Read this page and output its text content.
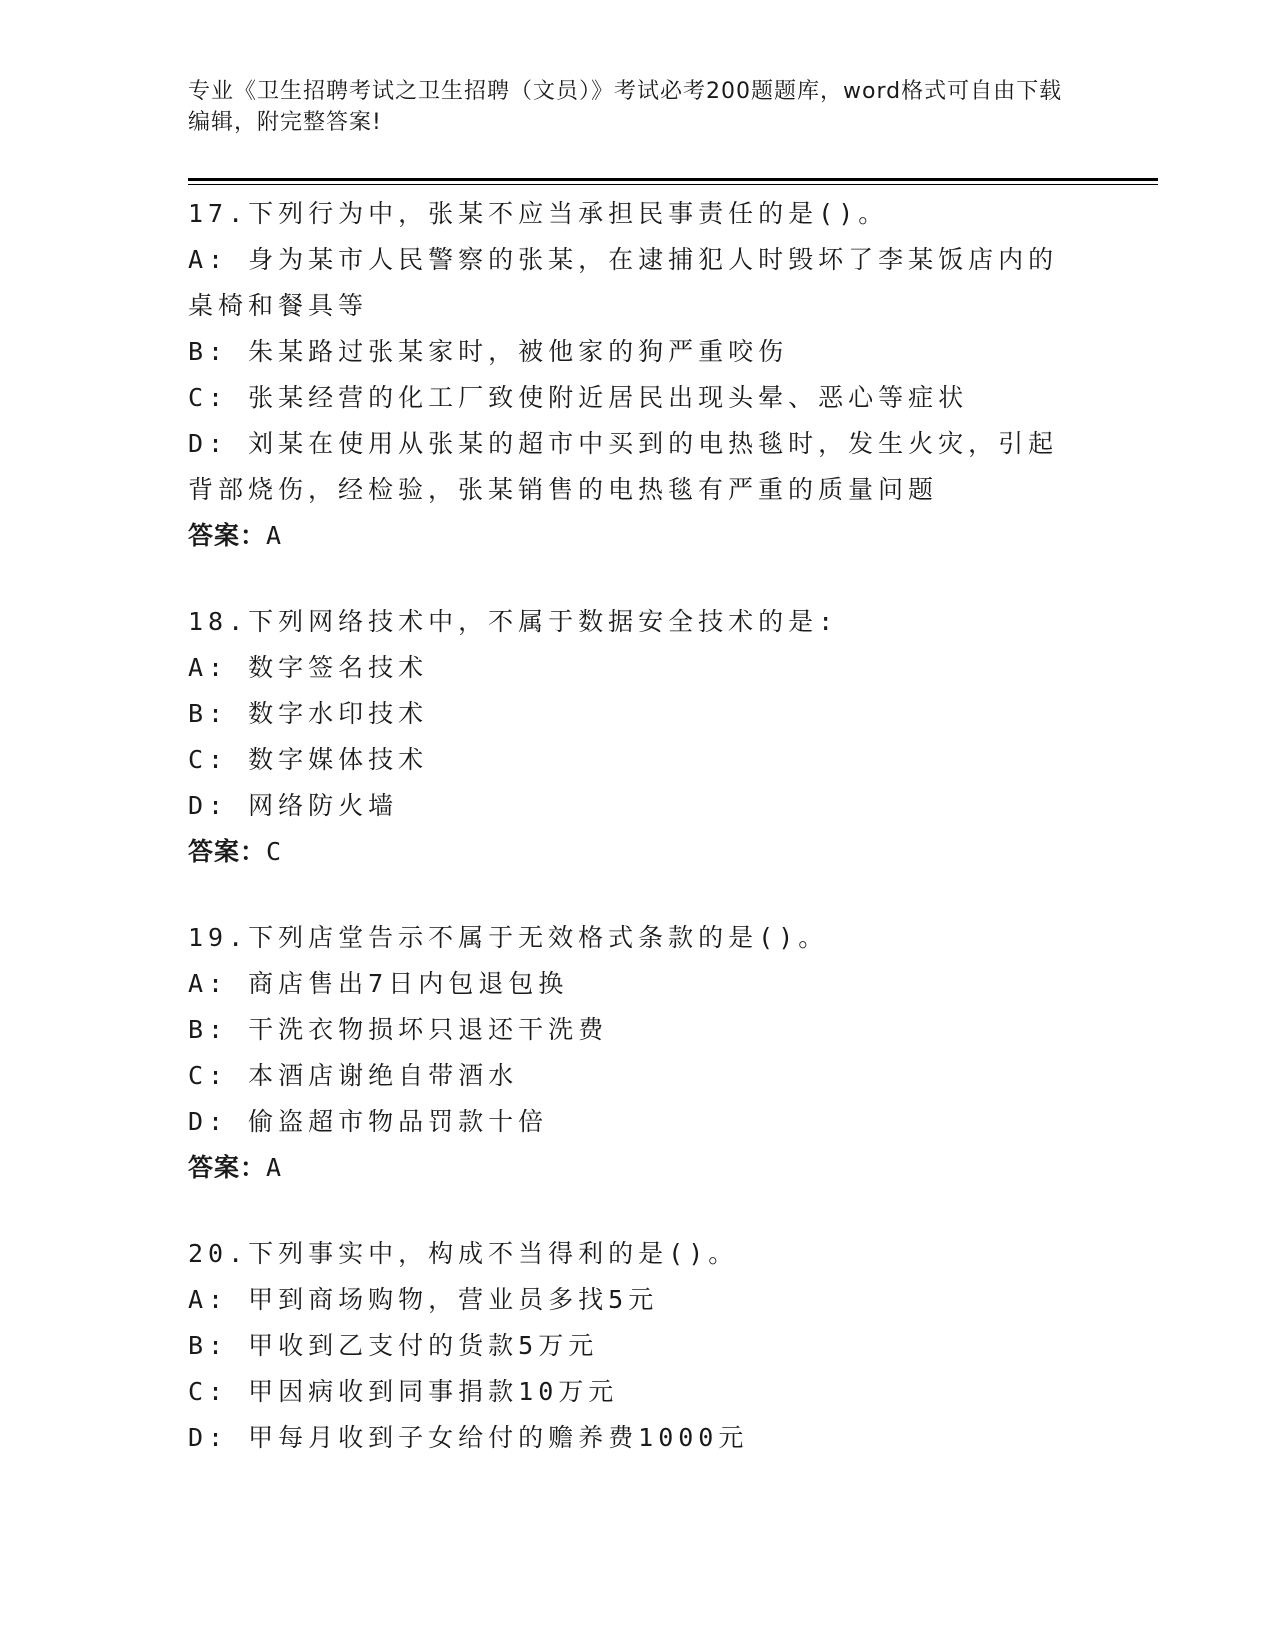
专业《卫生招聘考试之卫生招聘（文员）》考试必考200题题库，word格式可自由下载编辑，附完整答案!
17.下列行为中，张某不应当承担民事责任的是()。
A: 身为某市人民警察的张某，在逮捕犯人时毁坏了李某饭店内的桌椅和餐具等
B: 朱某路过张某家时，被他家的狗严重咬伤
C: 张某经营的化工厂致使附近居民出现头晕、恶心等症状
D: 刘某在使用从张某的超市中买到的电热毯时，发生火灾，引起背部烧伤，经检验，张某销售的电热毯有严重的质量问题
答案：A
18.下列网络技术中，不属于数据安全技术的是:
A: 数字签名技术
B: 数字水印技术
C: 数字媒体技术
D: 网络防火墙
答案：C
19.下列店堂告示不属于无效格式条款的是()。
A: 商店售出7日内包退包换
B: 干洗衣物损坏只退还干洗费
C: 本酒店谢绝自带酒水
D: 偷盗超市物品罚款十倍
答案：A
20.下列事实中，构成不当得利的是()。
A: 甲到商场购物，营业员多找5元
B: 甲收到乙支付的货款5万元
C: 甲因病收到同事捐款10万元
D: 甲每月收到子女给付的赡养费1000元
